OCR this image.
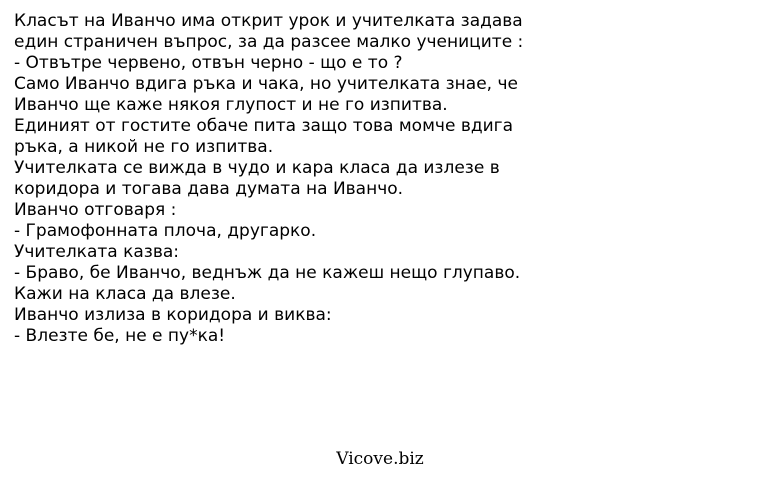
Класът на Иванчо има открит урок и учителката задава
един страничен въпрос, за да разсее малко учениците :
- Отвътре червено, отвън черно - що е то ?
Само Иванчо вдига ръка и чака, но учителката знае, че
Иванчо ще каже някоя глупост и не го изпитва.
Единият от гостите обаче пита защо това момче вдига
ръка, а никой не го изпитва.
Учителката се вижда в чудо и кара класа да излезе в
коридора и тогава дава думата на Иванчо.
Иванчо отговаря :
- Грамофонната плоча, другарко.
Учителката казва:
- Браво, бе Иванчо, веднъж да не кажеш нещо глупаво.
Кажи на класа да влезе.
Иванчо излиза в коридора и виква:
- Влезте бе, не е пу*ка!
Vicove.biz
